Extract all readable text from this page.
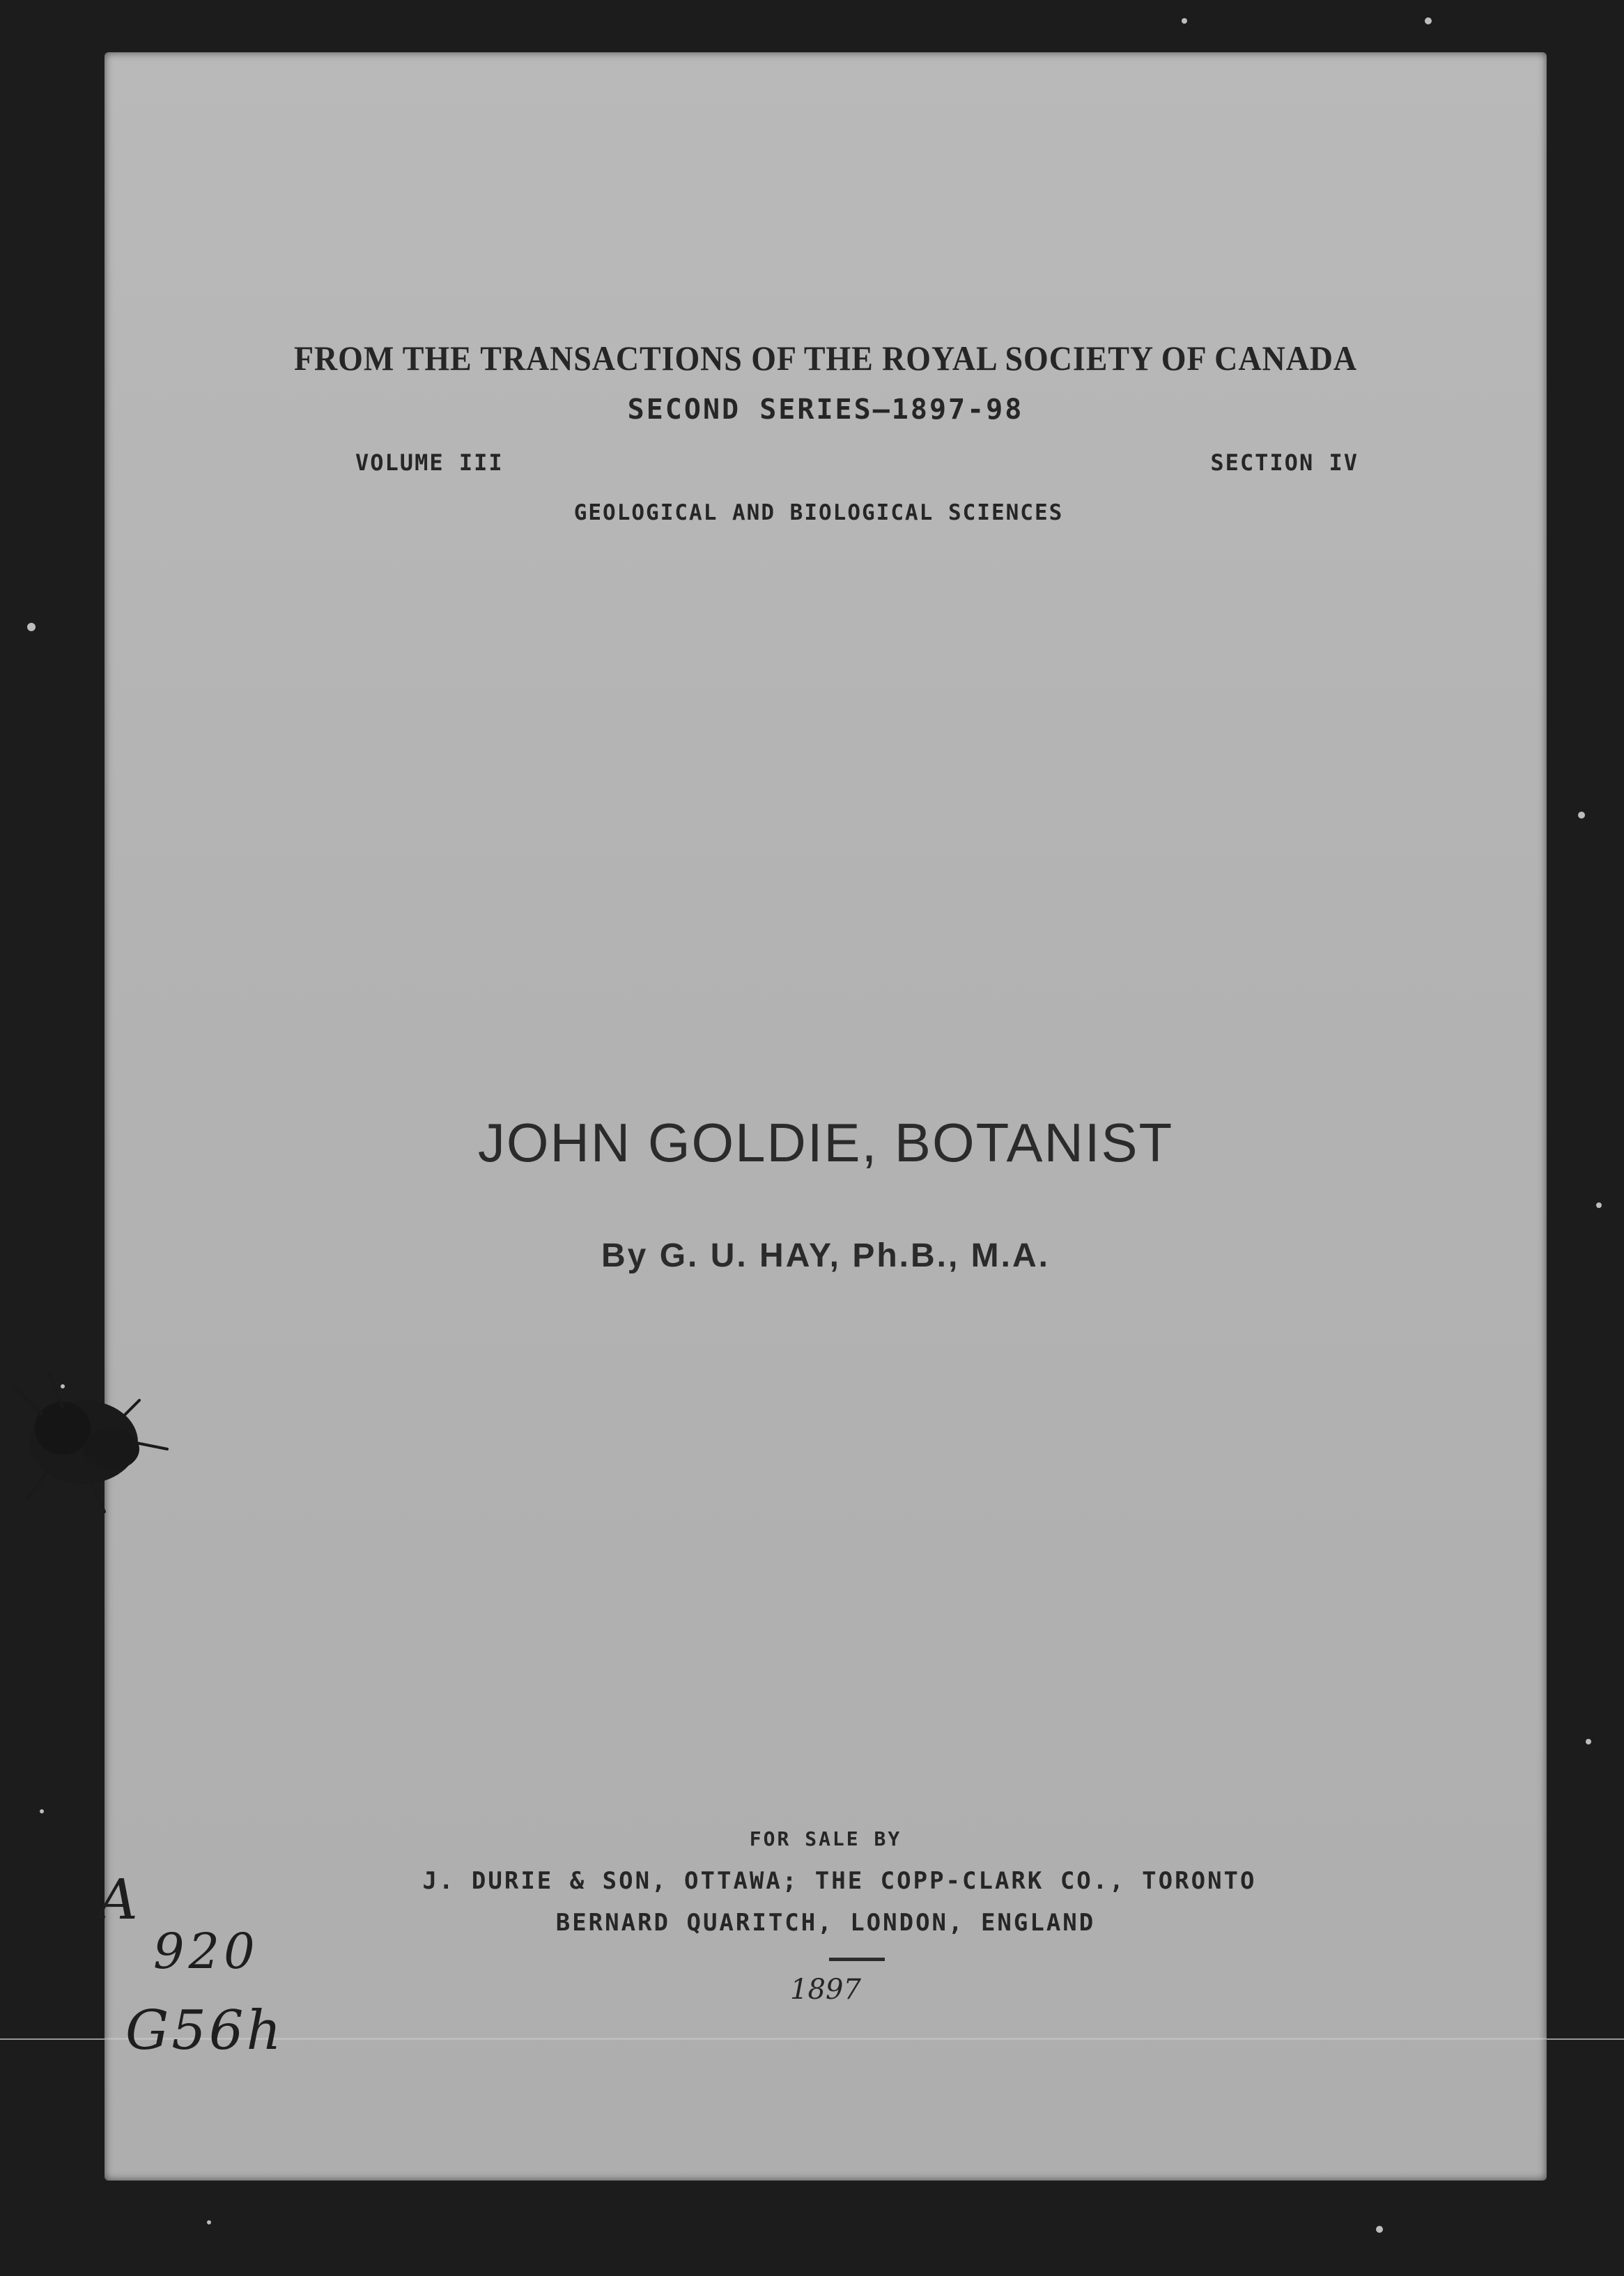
FROM THE TRANSACTIONS OF THE ROYAL SOCIETY OF CANADA
SECOND SERIES—1897-98
VOLUME III	SECTION IV
GEOLOGICAL AND BIOLOGICAL SCIENCES
JOHN GOLDIE, BOTANIST
By G. U. HAY, Ph.B., M.A.
FOR SALE BY
J. DURIE & SON, OTTAWA; THE COPP-CLARK CO., TORONTO
BERNARD QUARITCH, LONDON, ENGLAND
1897
A
920
G56h
